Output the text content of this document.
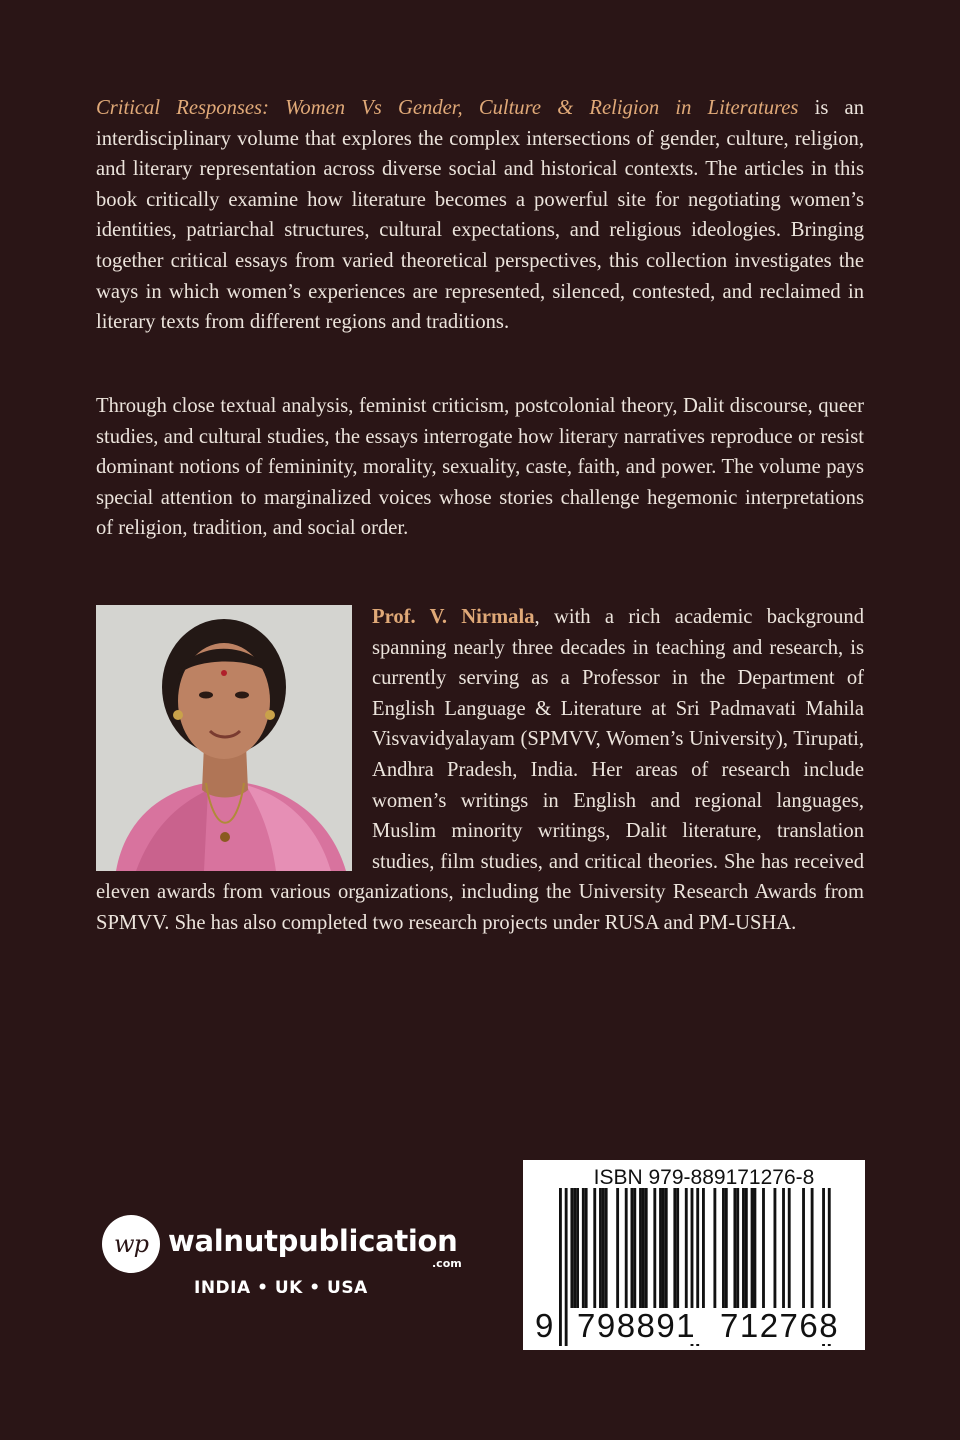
Critical Responses: Women Vs Gender, Culture & Religion in Literatures is an interdisciplinary volume that explores the complex intersections of gender, culture, religion, and literary representation across diverse social and historical contexts. The articles in this book critically examine how literature becomes a powerful site for negotiating women’s identities, patriarchal structures, cultural expectations, and religious ideologies. Bringing together critical essays from varied theoretical perspectives, this collection investigates the ways in which women’s experiences are represented, silenced, contested, and reclaimed in literary texts from different regions and traditions.

Through close textual analysis, feminist criticism, postcolonial theory, Dalit discourse, queer studies, and cultural studies, the essays interrogate how literary narratives reproduce or resist dominant notions of femininity, morality, sexuality, caste, faith, and power. The volume pays special attention to marginalized voices whose stories challenge hegemonic interpretations of religion, tradition, and social order.

Prof. V. Nirmala, with a rich academic background spanning nearly three decades in teaching and research, is currently serving as a Professor in the Department of English Language & Literature at Sri Padmavati Mahila Visvavidyalayam (SPMVV, Women’s University), Tirupati, Andhra Pradesh, India. Her areas of research include women’s writings in English and regional languages, Muslim minority writings, Dalit literature, translation studies, film studies, and critical theories. She has received eleven awards from various organizations, including the University Research Awards from SPMVV. She has also completed two research projects under RUSA and PM-USHA.

wp walnutpublication
.com
INDIA • UK • USA
ISBN 979-889171276-8
9 798891 712768
